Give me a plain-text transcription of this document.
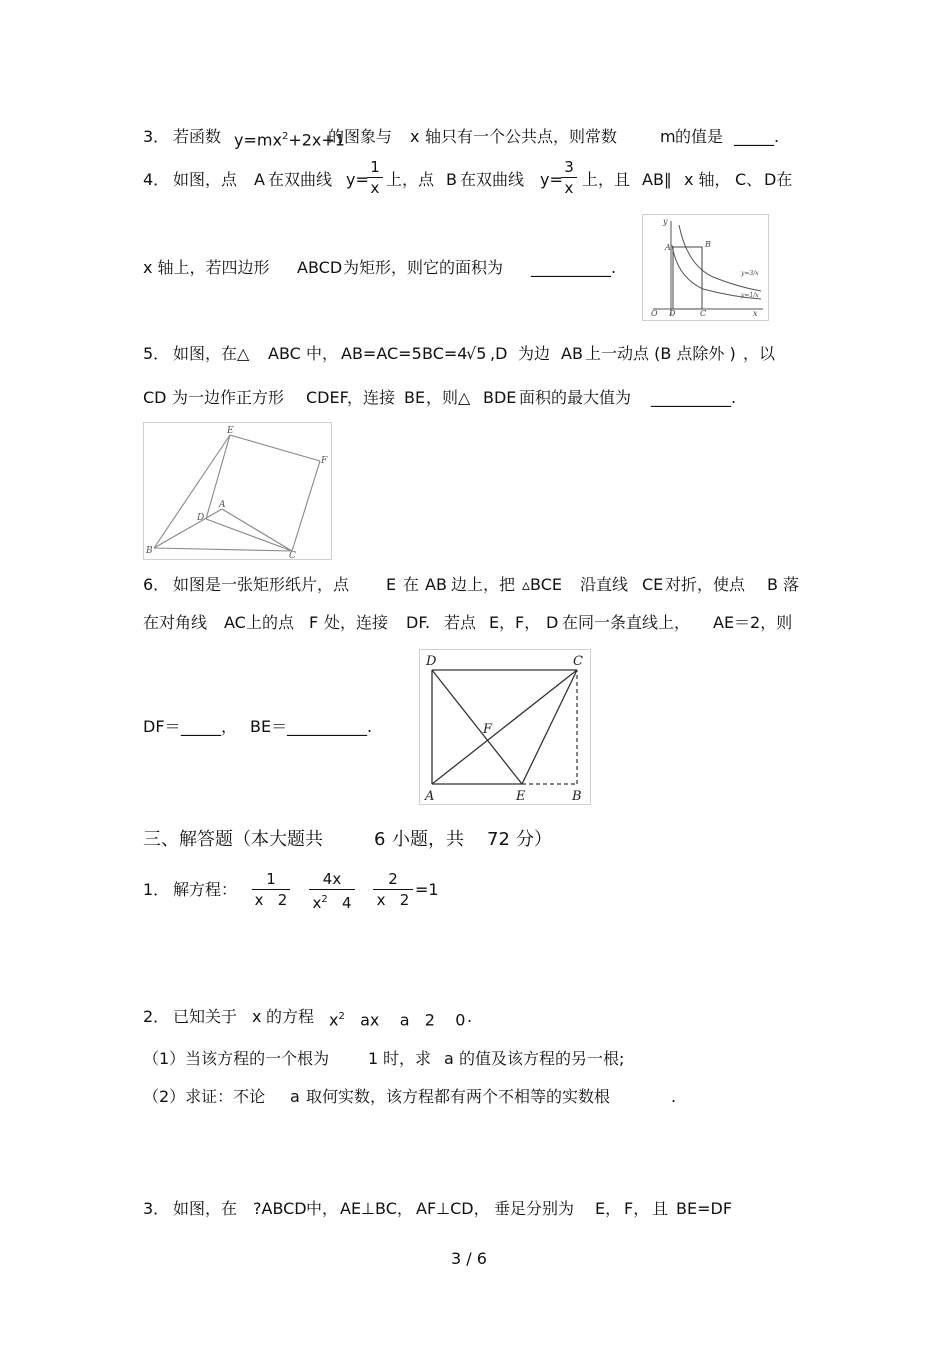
3． 若函数 $y=mx^2+2x+1$
的图象与 x 轴只有一个公共点，则常数	m 的值是 _____.
4． 如图，点 A 在双曲线 y=
1
x 上，点 B 在双曲线 y=
3
x 上，且 AB∥ x 轴， C、 D在
x 轴上，若四边形 ABCD 为矩形，则它的面积为 __________.
y
A	B
O D	C	x
y=3/x
y=1/x
5． 如图，在△ ABC 中， AB=AC=5 BC=4
√5 ,D 为边 AB 上一动点 (B 点除外 ) ，以
CD 为一边作正方形 CDEF
，连接 BE ，则△ BDE 面积的最大值为 __________.
E
F
A
D
B	C
6． 如图是一张矩形纸片，点 E 在 AB 边上，把 ▵BCE 沿直线 CE 对折，使点 B 落
在对角线 AC 上的点 F 处，连接 DF. 若点 E， F， D 在同一条直线上， AE＝2，则
DF＝ _____， BE＝ __________.
D	C
F
A	E	B
三、解答题（本大题共	6 小题，共 72 分）
1． 解方程：
1
x   2
4x
$x^2$   4
2
x   2
=1
2． 已知关于 x 的方程 $x^2$   ax    a   2    0 .
（1）当该方程的一个根为 1 时，求 a 的值及该方程的另一根;
（2）求证：不论 a 取何实数，该方程都有两个不相等的实数根	.
3． 如图，在 ?ABCD 中， AE⊥BC， AF⊥CD， 垂足分别为 E， F， 且 BE=DF
3 / 6
